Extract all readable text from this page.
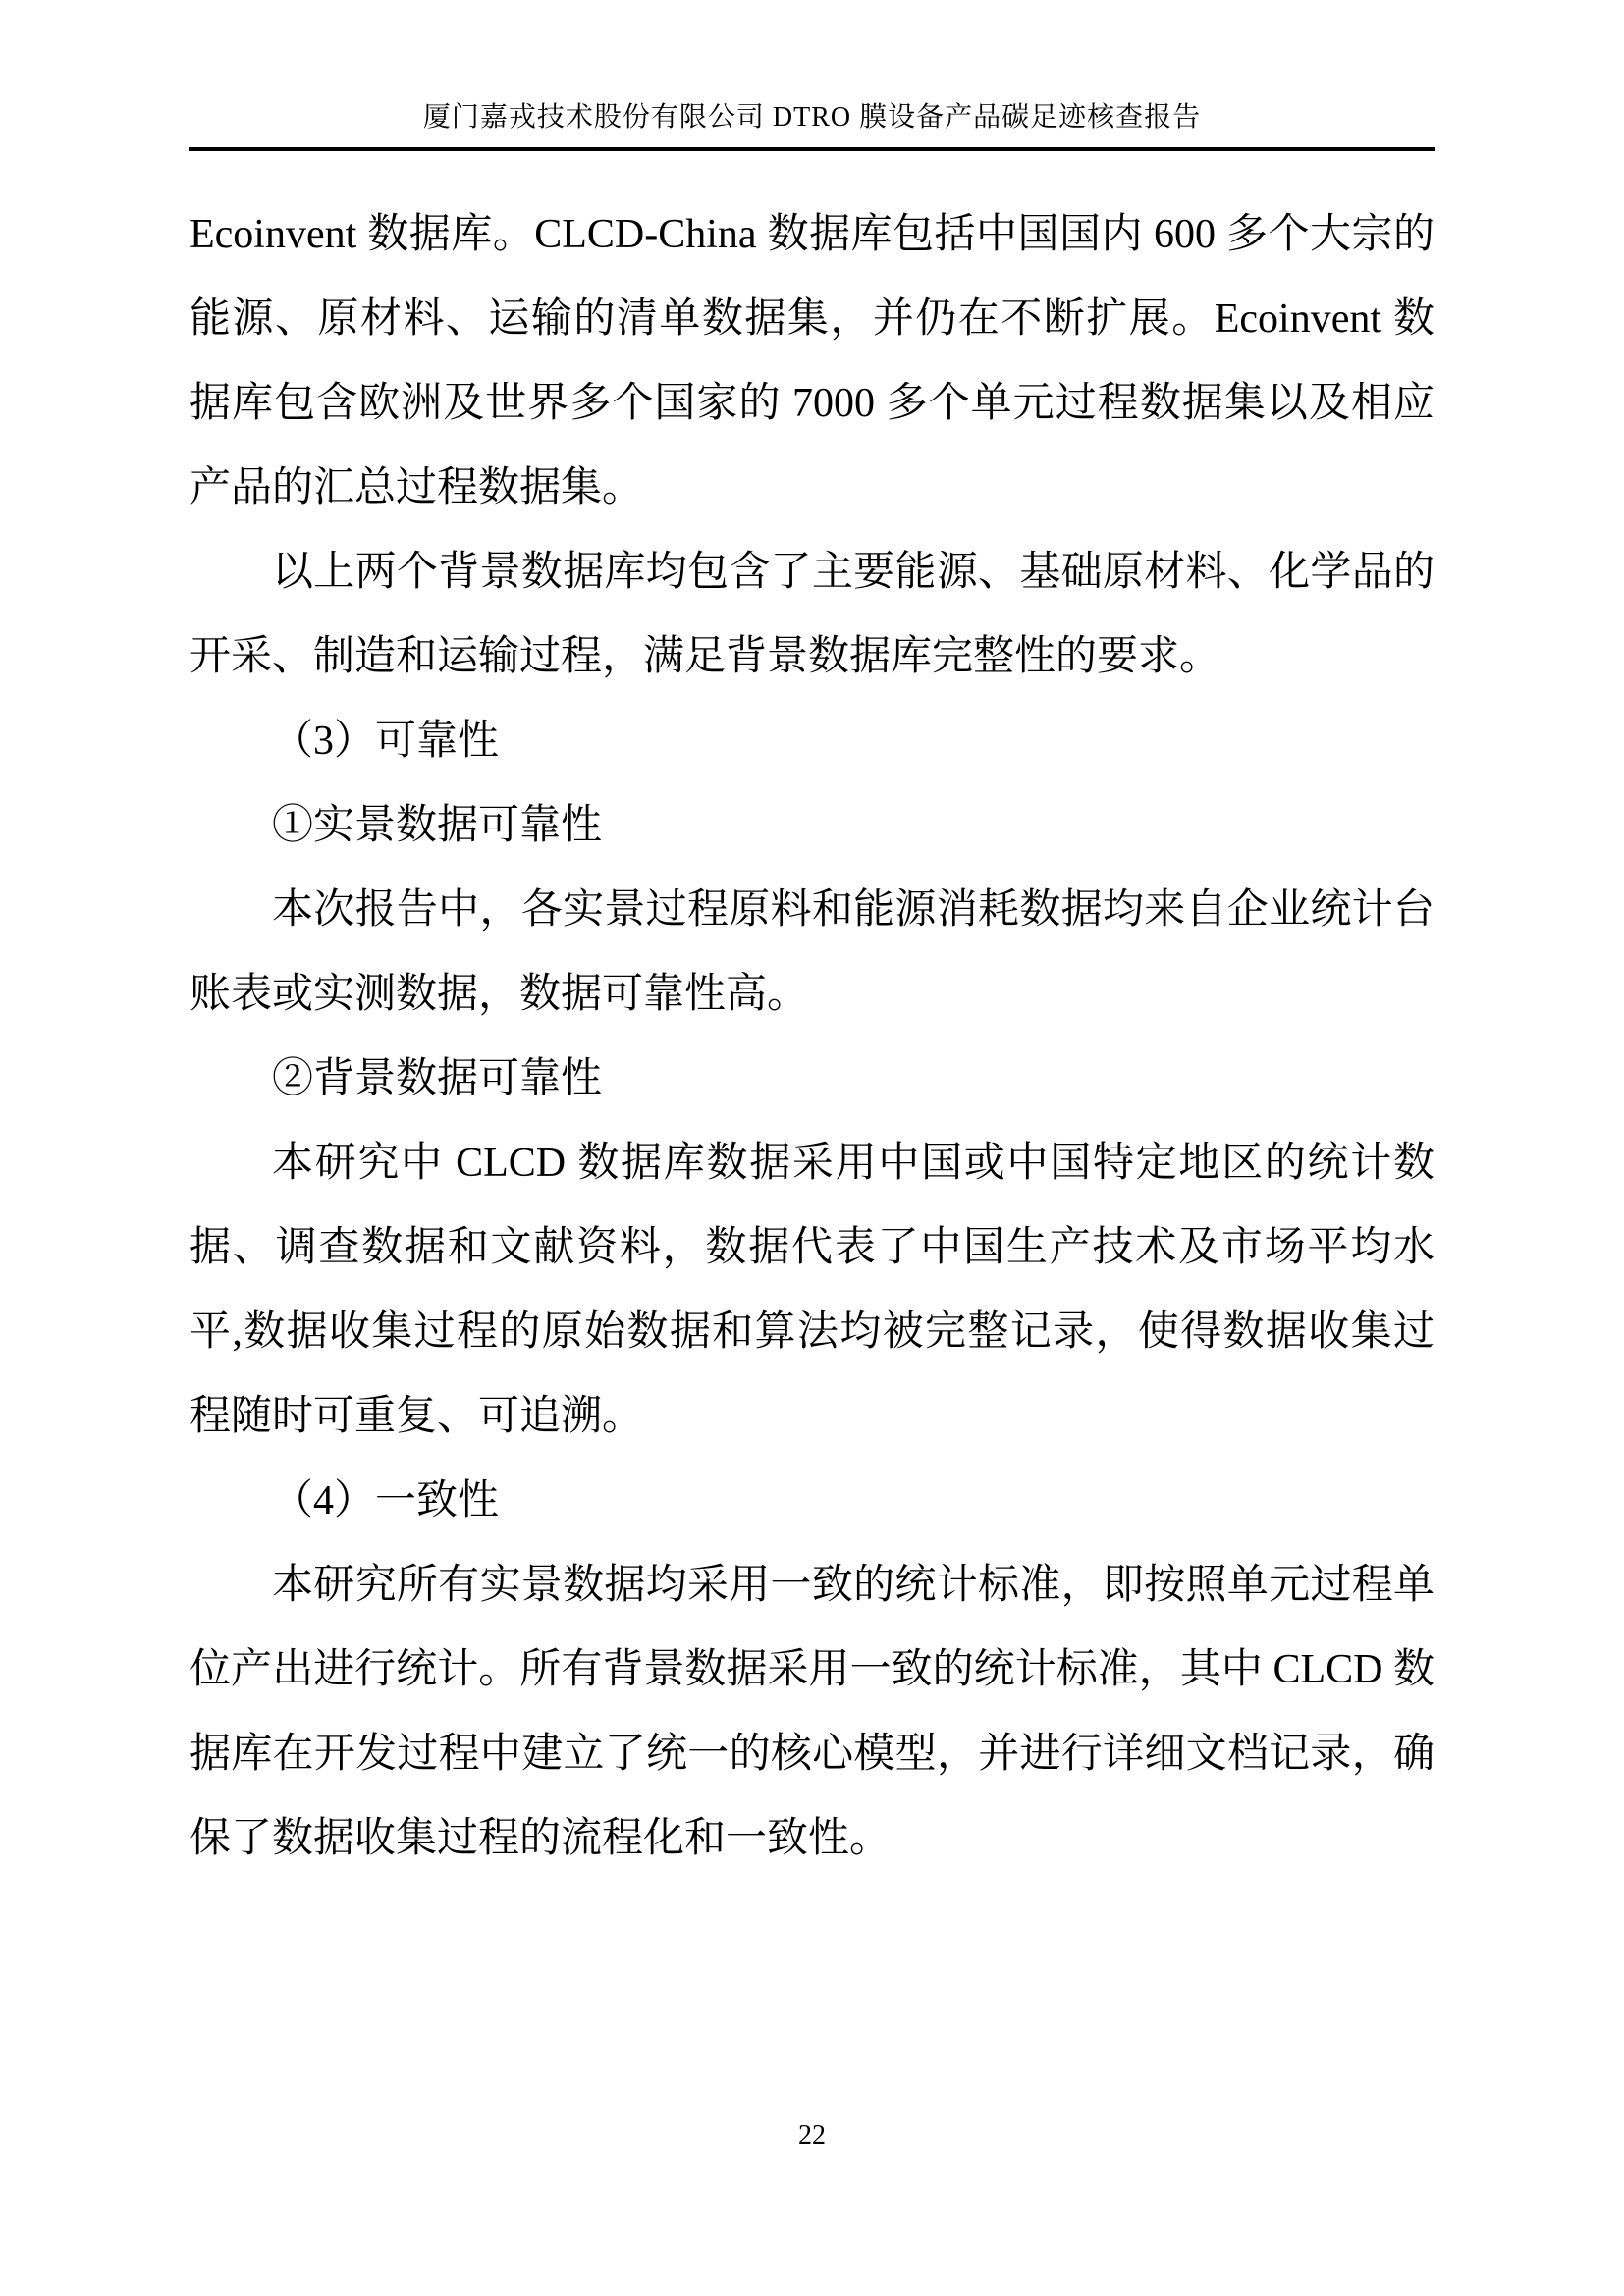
厦门嘉戎技术股份有限公司 DTRO 膜设备产品碳足迹核查报告

Ecoinvent 数据库。CLCD-China 数据库包括中国国内 600 多个大宗的能源、原材料、运输的清单数据集，并仍在不断扩展。Ecoinvent 数据库包含欧洲及世界多个国家的 7000 多个单元过程数据集以及相应产品的汇总过程数据集。

以上两个背景数据库均包含了主要能源、基础原材料、化学品的开采、制造和运输过程，满足背景数据库完整性的要求。

（3）可靠性

①实景数据可靠性

本次报告中，各实景过程原料和能源消耗数据均来自企业统计台账表或实测数据，数据可靠性高。

②背景数据可靠性

本研究中 CLCD 数据库数据采用中国或中国特定地区的统计数据、调查数据和文献资料，数据代表了中国生产技术及市场平均水平,数据收集过程的原始数据和算法均被完整记录，使得数据收集过程随时可重复、可追溯。

（4）一致性

本研究所有实景数据均采用一致的统计标准，即按照单元过程单位产出进行统计。所有背景数据采用一致的统计标准，其中 CLCD 数据库在开发过程中建立了统一的核心模型，并进行详细文档记录，确保了数据收集过程的流程化和一致性。

22
